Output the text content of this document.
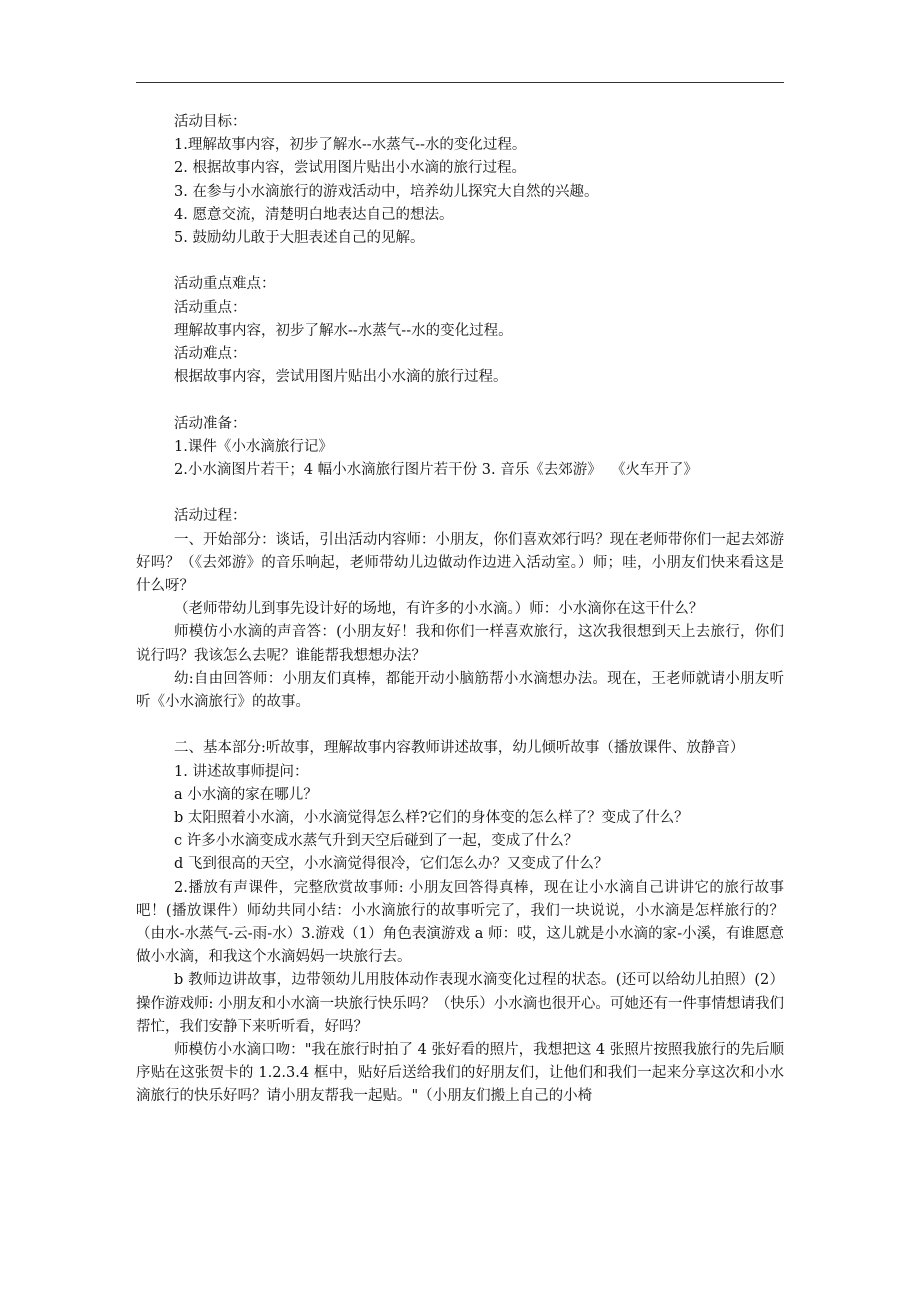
活动目标：

1.理解故事内容，初步了解水--水蒸气--水的变化过程。

2. 根据故事内容，尝试用图片贴出小水滴的旅行过程。

3. 在参与小水滴旅行的游戏活动中，培养幼儿探究大自然的兴趣。

4. 愿意交流，清楚明白地表达自己的想法。

5. 鼓励幼儿敢于大胆表述自己的见解。

活动重点难点：

活动重点：

理解故事内容，初步了解水--水蒸气--水的变化过程。

活动难点：

根据故事内容，尝试用图片贴出小水滴的旅行过程。

活动准备：

1.课件《小水滴旅行记》

2.小水滴图片若干；4 幅小水滴旅行图片若干份 3. 音乐《去郊游》  《火车开了》

活动过程：

一、开始部分：谈话，引出活动内容师：小朋友，你们喜欢郊行吗？现在老师带你们一起去郊游好吗？（《去郊游》的音乐响起，老师带幼儿边做动作边进入活动室。）师；哇，小朋友们快来看这是什么呀？

（老师带幼儿到事先设计好的场地，有许多的小水滴。）师：小水滴你在这干什么？

师模仿小水滴的声音答：(小朋友好！我和你们一样喜欢旅行，这次我很想到天上去旅行，你们说行吗？我该怎么去呢？谁能帮我想想办法？

幼:自由回答师：小朋友们真棒，都能开动小脑筋帮小水滴想办法。现在，王老师就请小朋友听听《小水滴旅行》的故事。

二、基本部分:听故事，理解故事内容教师讲述故事，幼儿倾听故事（播放课件、放静音）

1. 讲述故事师提问：

a 小水滴的家在哪儿？

b 太阳照着小水滴，小水滴觉得怎么样?它们的身体变的怎么样了？变成了什么？

c 许多小水滴变成水蒸气升到天空后碰到了一起，变成了什么？

d 飞到很高的天空，小水滴觉得很冷，它们怎么办？又变成了什么？

2.播放有声课件，完整欣赏故事师: 小朋友回答得真棒，现在让小水滴自己讲讲它的旅行故事吧！(播放课件）师幼共同小结：小水滴旅行的故事听完了，我们一块说说，小水滴是怎样旅行的？（由水-水蒸气-云-雨-水）3.游戏（1）角色表演游戏 a 师：哎，这儿就是小水滴的家-小溪，有谁愿意做小水滴，和我这个水滴妈妈一块旅行去。

b 教师边讲故事，边带领幼儿用肢体动作表现水滴变化过程的状态。(还可以给幼儿拍照）(2）操作游戏师: 小朋友和小水滴一块旅行快乐吗？（快乐）小水滴也很开心。可她还有一件事情想请我们帮忙，我们安静下来听听看，好吗？

师模仿小水滴口吻："我在旅行时拍了 4 张好看的照片，我想把这 4 张照片按照我旅行的先后顺序贴在这张贺卡的 1.2.3.4 框中，贴好后送给我们的好朋友们，让他们和我们一起来分享这次和小水滴旅行的快乐好吗？请小朋友帮我一起贴。"（小朋友们搬上自己的小椅
